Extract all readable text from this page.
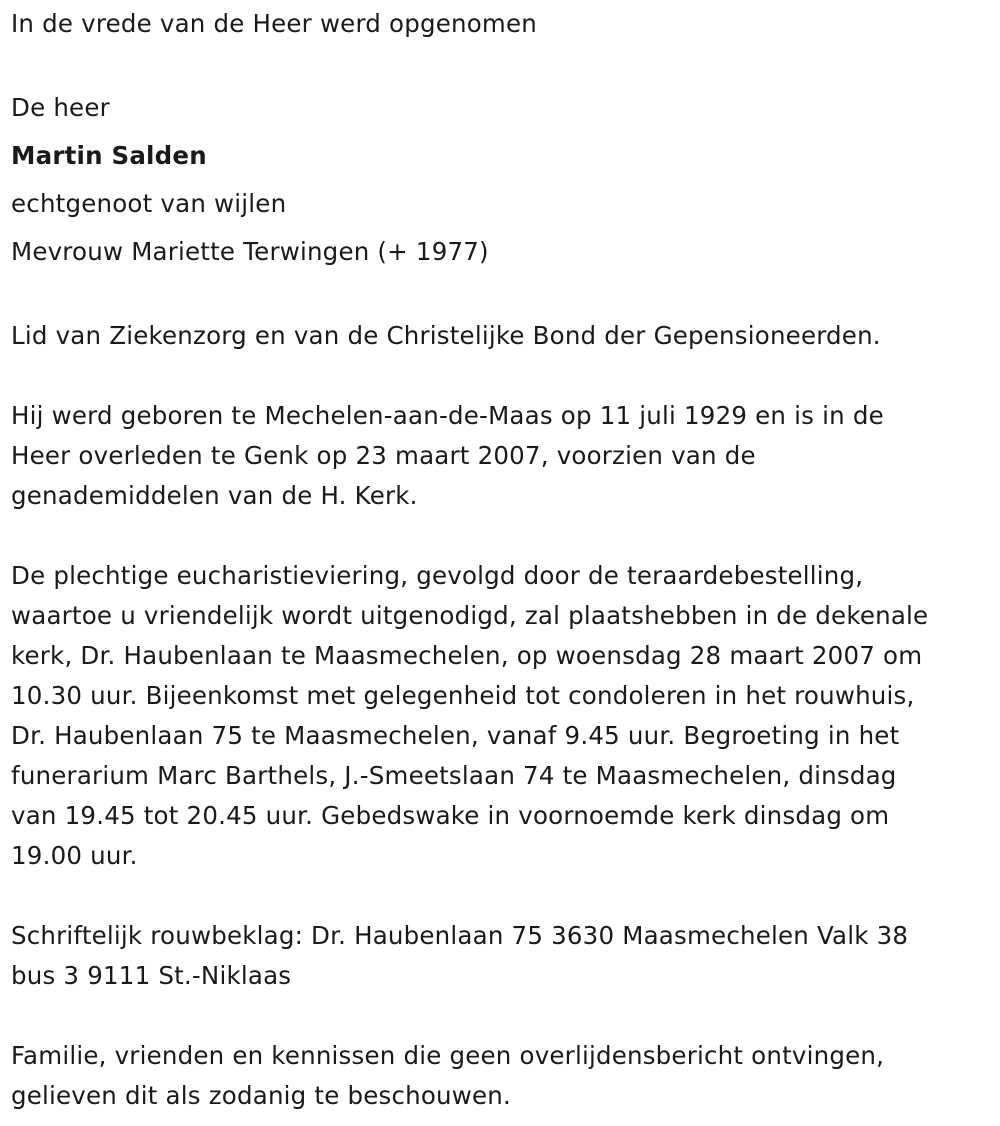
In de vrede van de Heer werd opgenomen
De heer
Martin Salden
echtgenoot van wijlen
Mevrouw Mariette Terwingen (+ 1977)
Lid van Ziekenzorg en van de Christelijke Bond der Gepensioneerden.
Hij werd geboren te Mechelen-aan-de-Maas op 11 juli 1929 en is in de
Heer overleden te Genk op 23 maart 2007, voorzien van de
genademiddelen van de H. Kerk.
De plechtige eucharistieviering, gevolgd door de teraardebestelling,
waartoe u vriendelijk wordt uitgenodigd, zal plaatshebben in de dekenale
kerk, Dr. Haubenlaan te Maasmechelen, op woensdag 28 maart 2007 om
10.30 uur. Bijeenkomst met gelegenheid tot condoleren in het rouwhuis,
Dr. Haubenlaan 75 te Maasmechelen, vanaf 9.45 uur. Begroeting in het
funerarium Marc Barthels, J.-Smeetslaan 74 te Maasmechelen, dinsdag
van 19.45 tot 20.45 uur. Gebedswake in voornoemde kerk dinsdag om
19.00 uur.
Schriftelijk rouwbeklag: Dr. Haubenlaan 75 3630 Maasmechelen Valk 38
bus 3 9111 St.-Niklaas
Familie, vrienden en kennissen die geen overlijdensbericht ontvingen,
gelieven dit als zodanig te beschouwen.
